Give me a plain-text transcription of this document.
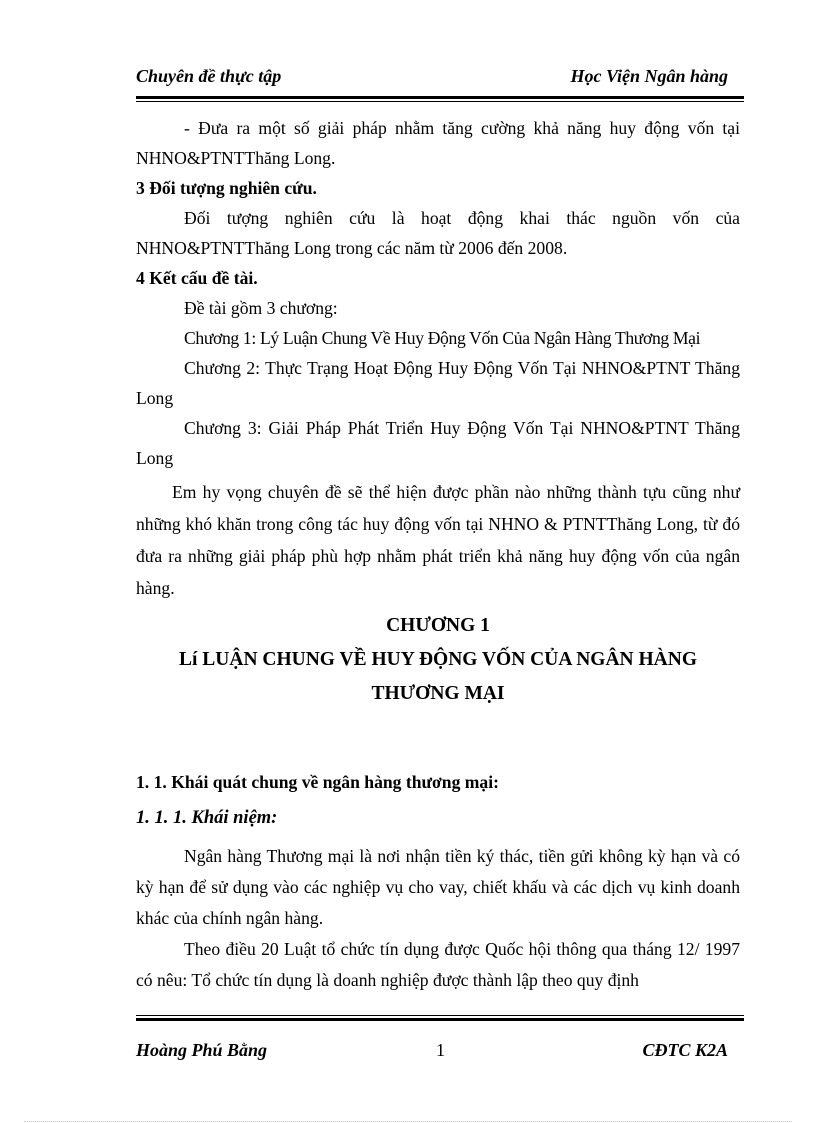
Chuyên đề thực tập	Học Viện Ngân hàng

- Đưa ra một số giải pháp nhằm tăng cường khả năng huy động vốn tại NHNO&PTNTThăng Long.

3 Đối tượng nghiên cứu.

Đối tượng nghiên cứu là hoạt động khai thác nguồn vốn của NHNO&PTNTThăng Long trong các năm từ 2006 đến 2008.

4 Kết cấu đề tài.

Đề tài gồm 3 chương:

Chương 1: Lý Luận Chung Về Huy Động Vốn Của Ngân Hàng Thương Mại

Chương 2: Thực Trạng Hoạt Động Huy Động Vốn Tại NHNO&PTNT Thăng Long

Chương 3: Giải Pháp Phát Triển Huy Động Vốn Tại NHNO&PTNT Thăng Long

Em hy vọng chuyên đề sẽ thể hiện được phần nào những thành tựu cũng như những khó khăn trong công tác huy động vốn tại NHNO & PTNTThăng Long, từ đó đưa ra những giải pháp phù hợp nhằm phát triển khả năng huy động vốn của ngân hàng.

CHƯƠNG 1

Lí LUẬN CHUNG VỀ HUY ĐỘNG VỐN CỦA NGÂN HÀNG THƯƠNG MẠI

1. 1. Khái quát chung về ngân hàng thương mại:

1. 1. 1. Khái niệm:

Ngân hàng Thương mại là nơi nhận tiền ký thác, tiền gửi không kỳ hạn và có kỳ hạn để sử dụng vào các nghiệp vụ cho vay, chiết khấu và các dịch vụ kinh doanh khác của chính ngân hàng.

Theo điều 20 Luật tổ chức tín dụng được Quốc hội thông qua tháng 12/ 1997 có nêu: Tổ chức tín dụng là doanh nghiệp được thành lập theo quy định

Hoàng Phú Bằng	1	CĐTC K2A
